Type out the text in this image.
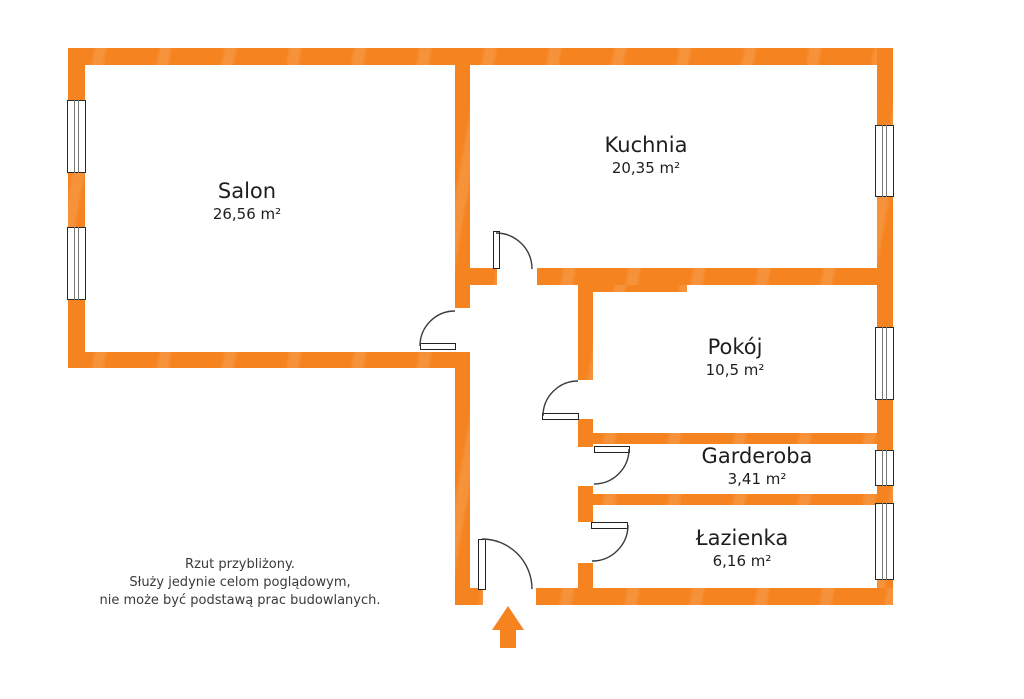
Salon
26,56 m²
Kuchnia
20,35 m²
Pokój
10,5 m²
Garderoba
3,41 m²
Łazienka
6,16 m²
Rzut przybliżony.
Służy jedynie celom poglądowym,
nie może być podstawą prac budowlanych.
